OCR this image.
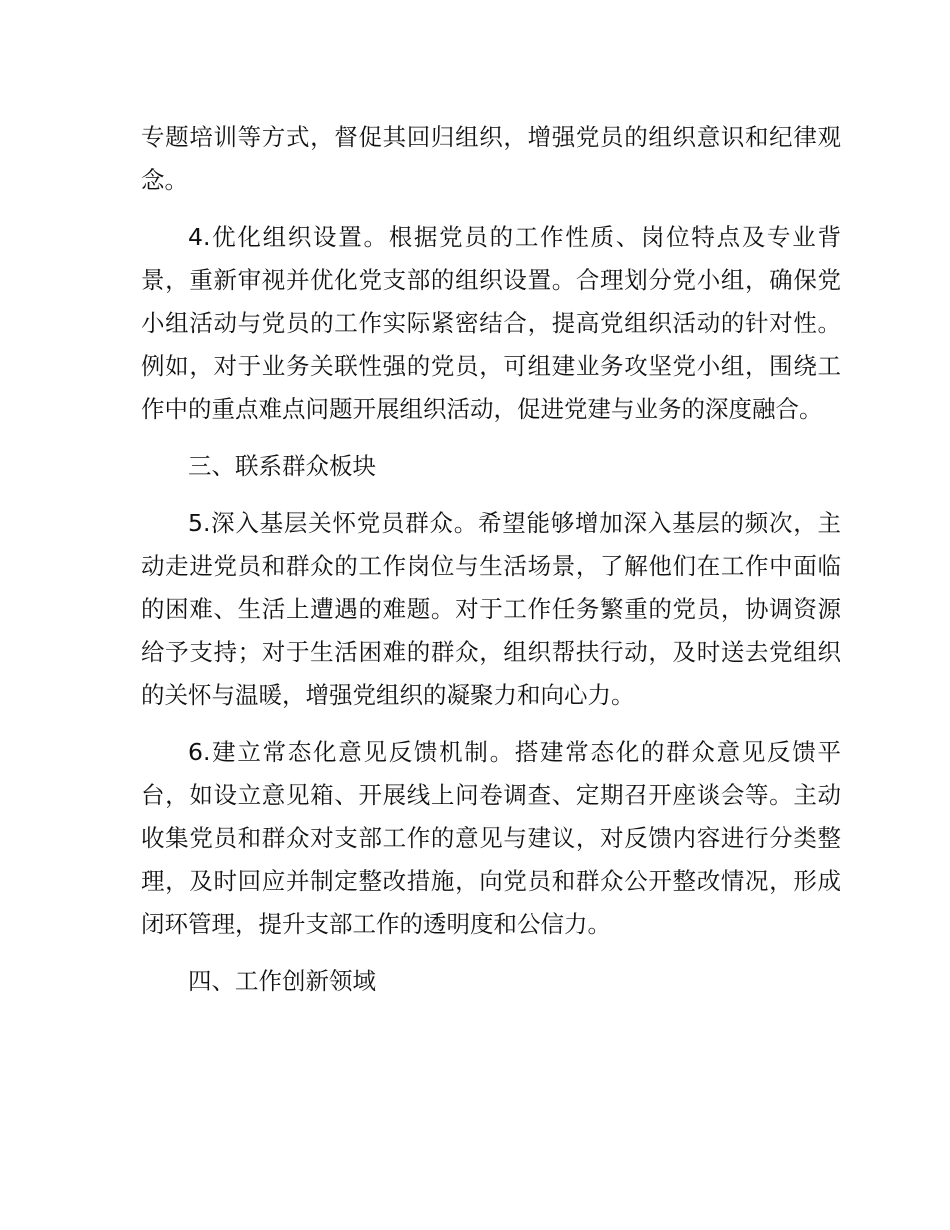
专题培训等方式，督促其回归组织，增强党员的组织意识和纪律观念。

4.优化组织设置。根据党员的工作性质、岗位特点及专业背景，重新审视并优化党支部的组织设置。合理划分党小组，确保党小组活动与党员的工作实际紧密结合，提高党组织活动的针对性。例如，对于业务关联性强的党员，可组建业务攻坚党小组，围绕工作中的重点难点问题开展组织活动，促进党建与业务的深度融合。

三、联系群众板块

5.深入基层关怀党员群众。希望能够增加深入基层的频次，主动走进党员和群众的工作岗位与生活场景，了解他们在工作中面临的困难、生活上遭遇的难题。对于工作任务繁重的党员，协调资源给予支持；对于生活困难的群众，组织帮扶行动，及时送去党组织的关怀与温暖，增强党组织的凝聚力和向心力。

6.建立常态化意见反馈机制。搭建常态化的群众意见反馈平台，如设立意见箱、开展线上问卷调查、定期召开座谈会等。主动收集党员和群众对支部工作的意见与建议，对反馈内容进行分类整理，及时回应并制定整改措施，向党员和群众公开整改情况，形成闭环管理，提升支部工作的透明度和公信力。

四、工作创新领域
